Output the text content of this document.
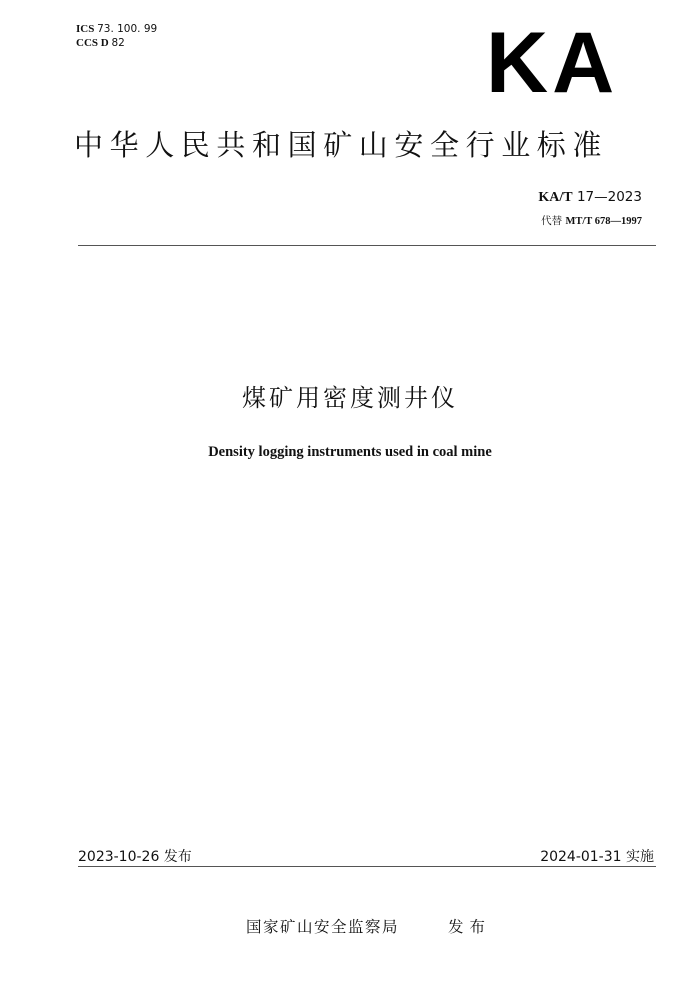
ICS 73. 100. 99
CCS D 82	KA
中华人民共和国矿山安全行业标准
KA/T 17—2023
代替 MT/T 678—1997
煤矿用密度测井仪
Density logging instruments used in coal mine
2023-10-26 发布	2024-01-31 实施
国家矿山安全监察局	发布
